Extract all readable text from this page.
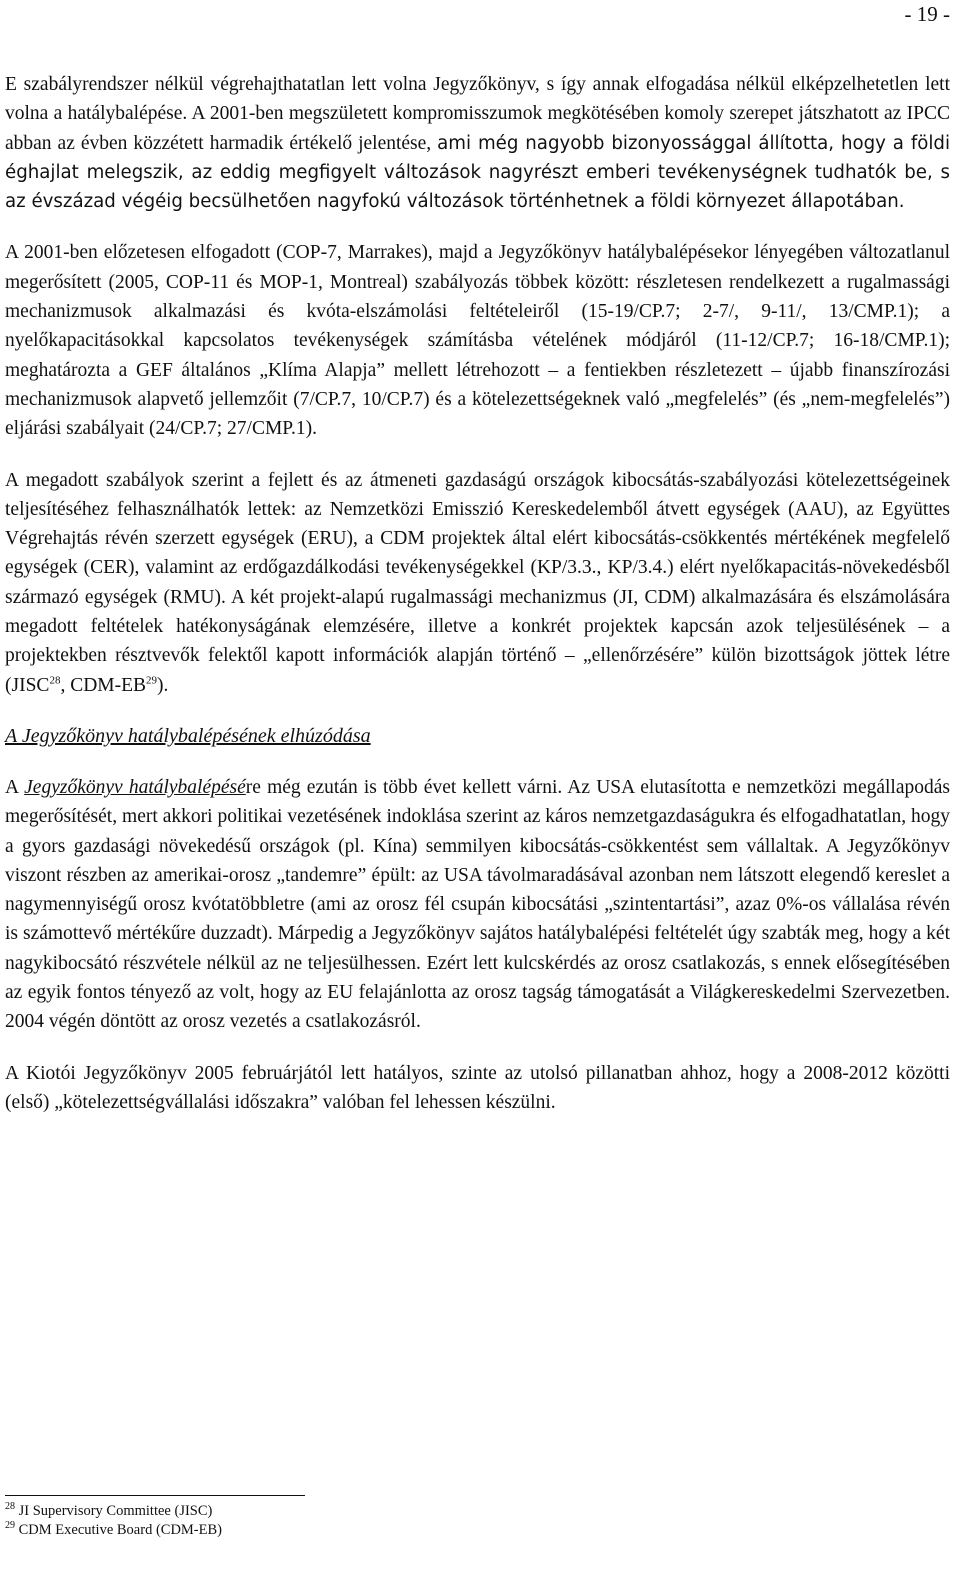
- 19 -

E szabályrendszer nélkül végrehajthatatlan lett volna Jegyzőkönyv, s így annak elfogadása nélkül elképzelhetetlen lett volna a hatálybalépése. A 2001-ben megszületett kompromisszumok megkötésében komoly szerepet játszhatott az IPCC abban az évben közzétett harmadik értékelő jelentése, ami még nagyobb bizonyossággal állította, hogy a földi éghajlat melegszik, az eddig megfigyelt változások nagyrészt emberi tevékenységnek tudhatók be, s az évszázad végéig becsülhetően nagyfokú változások történhetnek a földi környezet állapotában.

A 2001-ben előzetesen elfogadott (COP-7, Marrakes), majd a Jegyzőkönyv hatálybalépésekor lényegében változatlanul megerősített (2005, COP-11 és MOP-1, Montreal) szabályozás többek között: részletesen rendelkezett a rugalmassági mechanizmusok alkalmazási és kvóta-elszámolási feltételeiről (15-19/CP.7; 2-7/, 9-11/, 13/CMP.1); a nyelőkapacitásokkal kapcsolatos tevékenységek számításba vételének módjáról (11-12/CP.7; 16-18/CMP.1); meghatározta a GEF általános „Klíma Alapja” mellett létrehozott – a fentiekben részletezett – újabb finanszírozási mechanizmusok alapvető jellemzőit (7/CP.7, 10/CP.7) és a kötelezettségeknek való „megfelelés” (és „nem-megfelelés”) eljárási szabályait (24/CP.7; 27/CMP.1).

A megadott szabályok szerint a fejlett és az átmeneti gazdaságú országok kibocsátás-szabályozási kötelezettségeinek teljesítéséhez felhasználhatók lettek: az Nemzetközi Emisszió Kereskedelemből átvett egységek (AAU), az Együttes Végrehajtás révén szerzett egységek (ERU), a CDM projektek által elért kibocsátás-csökkentés mértékének megfelelő egységek (CER), valamint az erdőgazdálkodási tevékenységekkel (KP/3.3., KP/3.4.) elért nyelőkapacitás-növekedésből származó egységek (RMU). A két projekt-alapú rugalmassági mechanizmus (JI, CDM) alkalmazására és elszámolására megadott feltételek hatékonyságának elemzésére, illetve a konkrét projektek kapcsán azok teljesülésének – a projektekben résztvevők felektől kapott információk alapján történő – „ellenőrzésére” külön bizottságok jöttek létre (JISC$^{28}$, CDM-EB$^{29}$).

A Jegyzőkönyv hatálybalépésének elhúzódása

A Jegyzőkönyv hatálybalépésére még ezután is több évet kellett várni. Az USA elutasította e nemzetközi megállapodás megerősítését, mert akkori politikai vezetésének indoklása szerint az káros nemzetgazdaságukra és elfogadhatatlan, hogy a gyors gazdasági növekedésű országok (pl. Kína) semmilyen kibocsátás-csökkentést sem vállaltak. A Jegyzőkönyv viszont részben az amerikai-orosz „tandemre” épült: az USA távolmaradásával azonban nem látszott elegendő kereslet a nagymennyiségű orosz kvótatöbbletre (ami az orosz fél csupán kibocsátási „szintentartási”, azaz 0%-os vállalása révén is számottevő mértékűre duzzadt). Márpedig a Jegyzőkönyv sajátos hatálybalépési feltételét úgy szabták meg, hogy a két nagykibocsátó részvétele nélkül az ne teljesülhessen. Ezért lett kulcskérdés az orosz csatlakozás, s ennek elősegítésében az egyik fontos tényező az volt, hogy az EU felajánlotta az orosz tagság támogatását a Világkereskedelmi Szervezetben. 2004 végén döntött az orosz vezetés a csatlakozásról.

A Kiotói Jegyzőkönyv 2005 februárjától lett hatályos, szinte az utolsó pillanatban ahhoz, hogy a 2008-2012 közötti (első) „kötelezettségvállalási időszakra” valóban fel lehessen készülni.

$^{28}$ JI Supervisory Committee (JISC)
$^{29}$ CDM Executive Board (CDM-EB)
